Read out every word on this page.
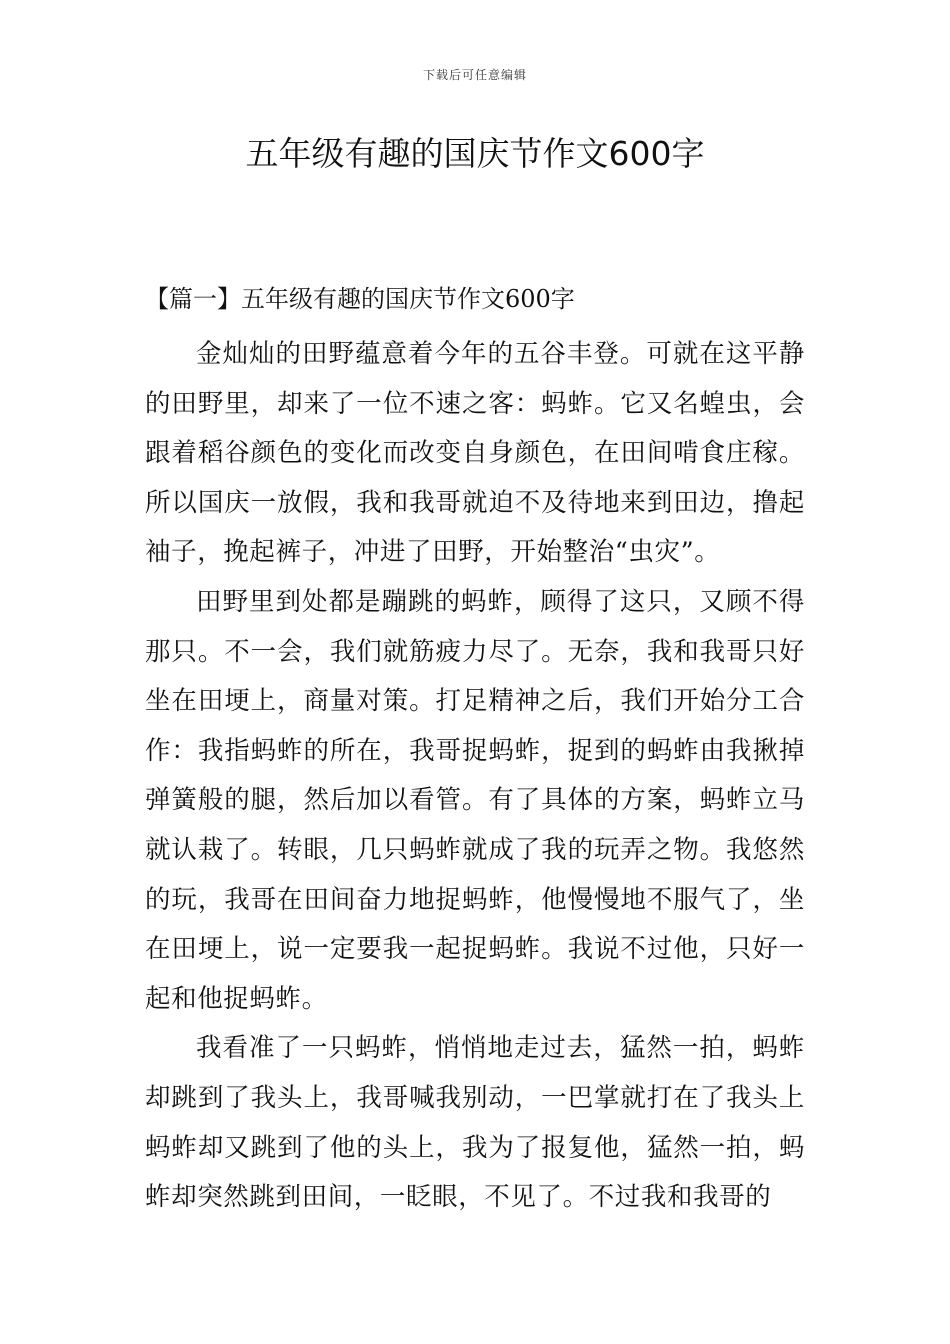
下载后可任意编辑
五年级有趣的国庆节作文600字
【篇一】五年级有趣的国庆节作文600字

金灿灿的田野蕴意着今年的五谷丰登。可就在这平静的田野里，却来了一位不速之客：蚂蚱。它又名蝗虫，会跟着稻谷颜色的变化而改变自身颜色，在田间啃食庄稼。所以国庆一放假，我和我哥就迫不及待地来到田边，撸起袖子，挽起裤子，冲进了田野，开始整治“虫灾”。

田野里到处都是蹦跳的蚂蚱，顾得了这只，又顾不得那只。不一会，我们就筋疲力尽了。无奈，我和我哥只好坐在田埂上，商量对策。打足精神之后，我们开始分工合作：我指蚂蚱的所在，我哥捉蚂蚱，捉到的蚂蚱由我揪掉弹簧般的腿，然后加以看管。有了具体的方案，蚂蚱立马就认栽了。转眼，几只蚂蚱就成了我的玩弄之物。我悠然的玩，我哥在田间奋力地捉蚂蚱，他慢慢地不服气了，坐在田埂上，说一定要我一起捉蚂蚱。我说不过他，只好一起和他捉蚂蚱。

我看准了一只蚂蚱，悄悄地走过去，猛然一拍，蚂蚱却跳到了我头上，我哥喊我别动，一巴掌就打在了我头上蚂蚱却又跳到了他的头上，我为了报复他，猛然一拍，蚂蚱却突然跳到田间，一眨眼，不见了。不过我和我哥的
